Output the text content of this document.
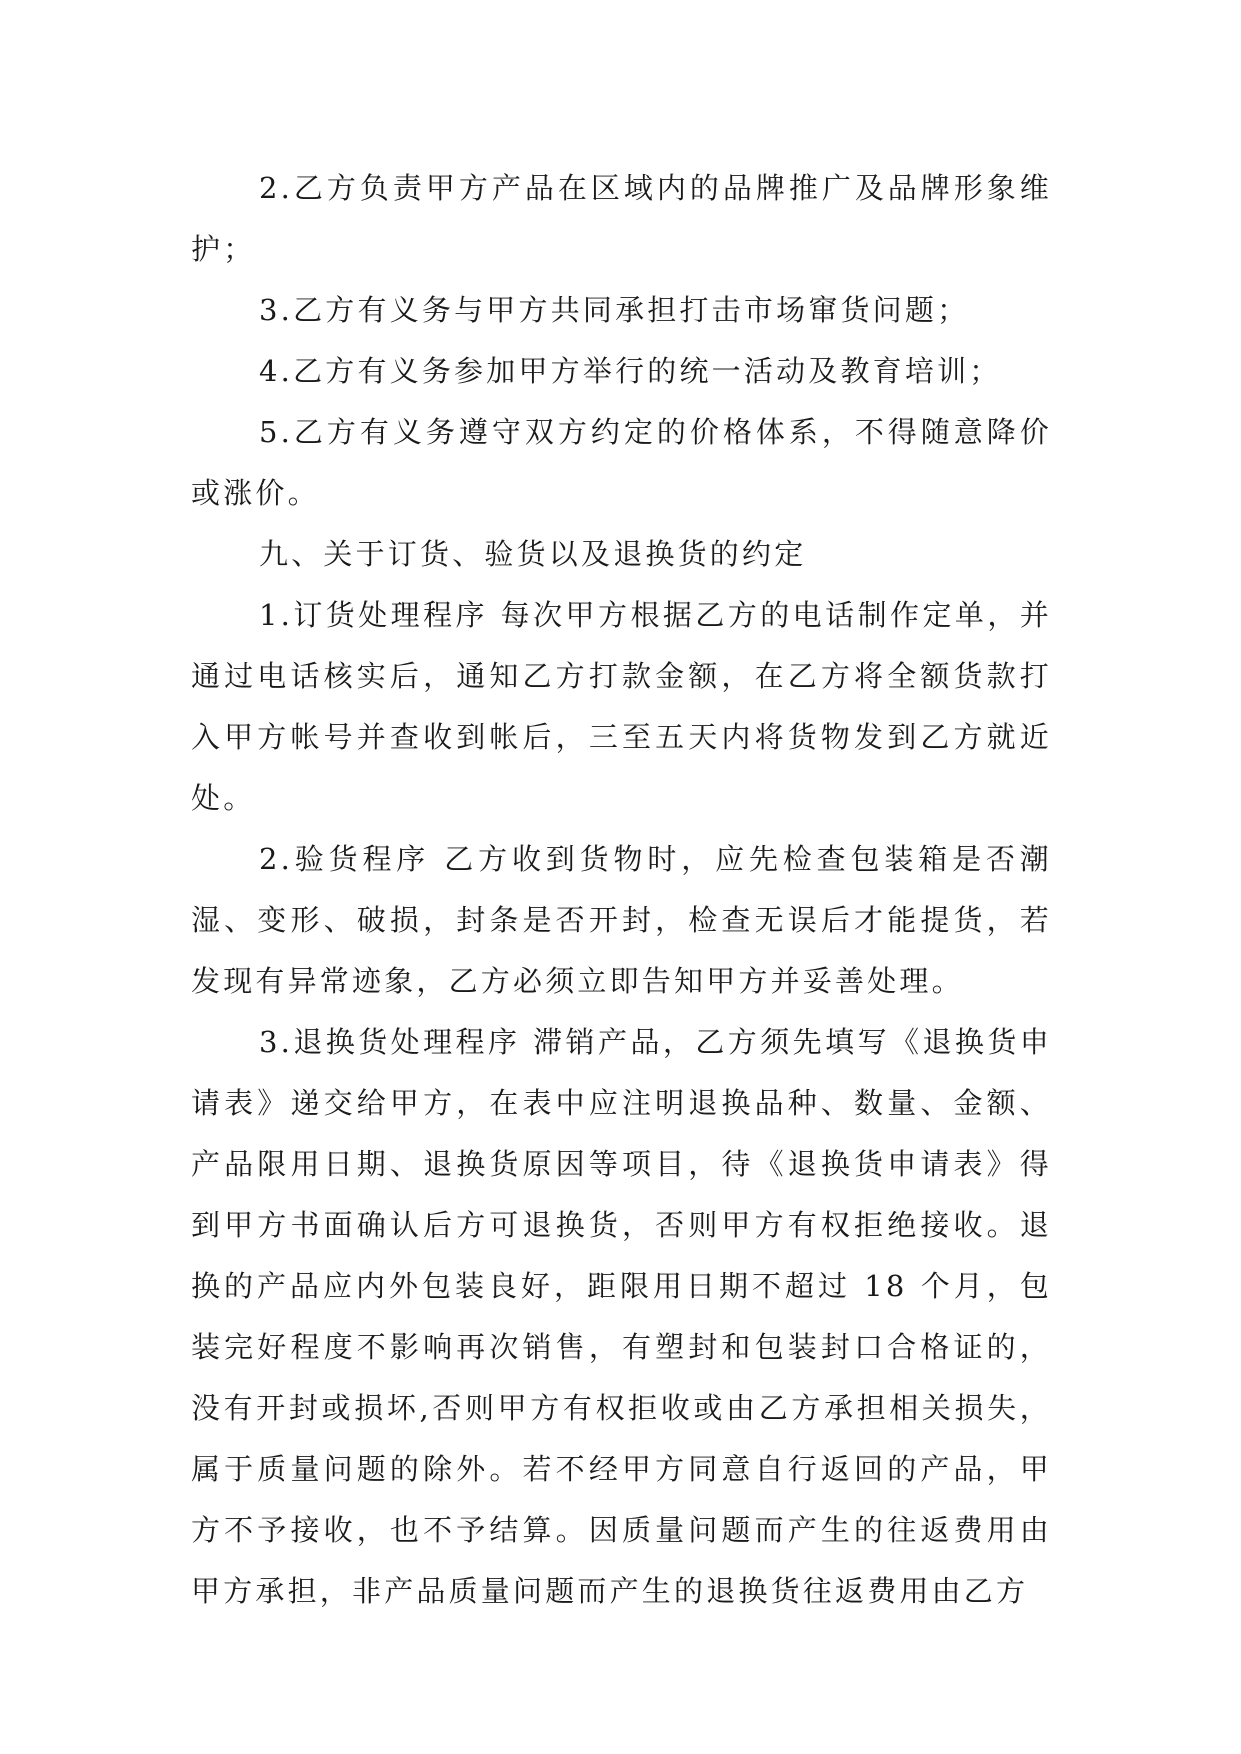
2.乙方负责甲方产品在区域内的品牌推广及品牌形象维护；

3.乙方有义务与甲方共同承担打击市场窜货问题；

4.乙方有义务参加甲方举行的统一活动及教育培训；

5.乙方有义务遵守双方约定的价格体系，不得随意降价或涨价。

九、关于订货、验货以及退换货的约定

1.订货处理程序 每次甲方根据乙方的电话制作定单，并通过电话核实后，通知乙方打款金额，在乙方将全额货款打入甲方帐号并查收到帐后，三至五天内将货物发到乙方就近处。

2.验货程序 乙方收到货物时，应先检查包装箱是否潮湿、变形、破损，封条是否开封，检查无误后才能提货，若发现有异常迹象，乙方必须立即告知甲方并妥善处理。

3.退换货处理程序 滞销产品，乙方须先填写《退换货申请表》递交给甲方，在表中应注明退换品种、数量、金额、产品限用日期、退换货原因等项目，待《退换货申请表》得到甲方书面确认后方可退换货，否则甲方有权拒绝接收。退换的产品应内外包装良好，距限用日期不超过 18 个月，包装完好程度不影响再次销售，有塑封和包装封口合格证的，没有开封或损坏,否则甲方有权拒收或由乙方承担相关损失，属于质量问题的除外。若不经甲方同意自行返回的产品，甲方不予接收，也不予结算。因质量问题而产生的往返费用由甲方承担，非产品质量问题而产生的退换货往返费用由乙方
